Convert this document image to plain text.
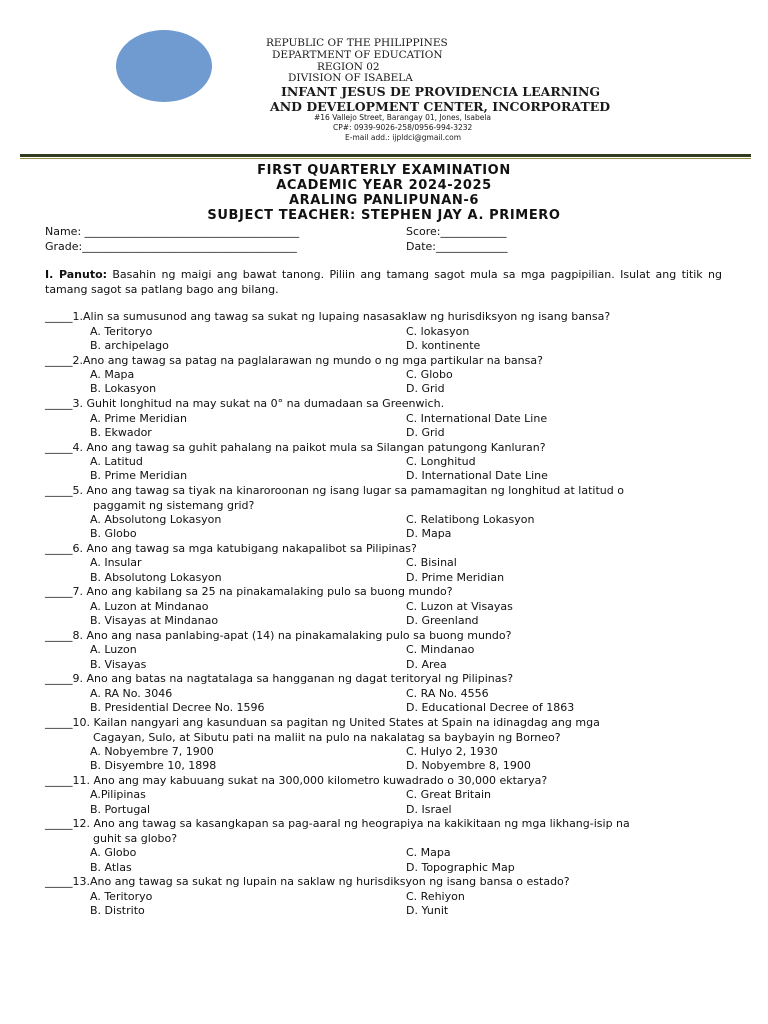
REPUBLIC OF THE PHILIPPINES
DEPARTMENT OF EDUCATION
REGION 02
DIVISION OF ISABELA
INFANT JESUS DE PROVIDENCIA LEARNING
AND DEVELOPMENT CENTER, INCORPORATED
#16 Vallejo Street, Barangay 01, Jones, Isabela
CP#: 0939-9026-258/0956-994-3232
E-mail add.: ijpldci@gmail.com
FIRST QUARTERLY EXAMINATION
ACADEMIC YEAR 2024-2025
ARALING PANLIPUNAN-6
SUBJECT TEACHER: STEPHEN JAY A. PRIMERO
Name: _______________________________________	Score:____________
Grade:_______________________________________	Date:_____________
I. Panuto: Basahin ng maigi ang bawat tanong. Piliin ang tamang sagot mula sa mga pagpipilian. Isulat ang titik ng tamang sagot sa patlang bago ang bilang.
_____1.Alin sa sumusunod ang tawag sa sukat ng lupaing nasasaklaw ng hurisdiksyon ng isang bansa?
A. Teritoryo	C. lokasyon
B. archipelago	D. kontinente
_____2.Ano ang tawag sa patag na paglalarawan ng mundo o ng mga partikular na bansa?
A. Mapa	C. Globo
B. Lokasyon	D. Grid
_____3. Guhit longhitud na may sukat na 0° na dumadaan sa Greenwich.
A. Prime Meridian	C. International Date Line
B. Ekwador	D. Grid
_____4. Ano ang tawag sa guhit pahalang na paikot mula sa Silangan patungong Kanluran?
A. Latitud	C. Longhitud
B. Prime Meridian	D. International Date Line
_____5. Ano ang tawag sa tiyak na kinaroroonan ng isang lugar sa pamamagitan ng longhitud at latitud o
paggamit ng sistemang grid?
A. Absolutong Lokasyon	C. Relatibong Lokasyon
B. Globo	D. Mapa
_____6. Ano ang tawag sa mga katubigang nakapalibot sa Pilipinas?
A. Insular	C. Bisinal
B. Absolutong Lokasyon	D. Prime Meridian
_____7. Ano ang kabilang sa 25 na pinakamalaking pulo sa buong mundo?
A. Luzon at Mindanao	C. Luzon at Visayas
B. Visayas at Mindanao	D. Greenland
_____8. Ano ang nasa panlabing-apat (14) na pinakamalaking pulo sa buong mundo?
A. Luzon	C. Mindanao
B. Visayas	D. Area
_____9. Ano ang batas na nagtatalaga sa hangganan ng dagat teritoryal ng Pilipinas?
A. RA No. 3046	C. RA No. 4556
B. Presidential Decree No. 1596	D. Educational Decree of 1863
_____10. Kailan nangyari ang kasunduan sa pagitan ng United States at Spain na idinagdag ang mga
Cagayan, Sulo, at Sibutu pati na maliit na pulo na nakalatag sa baybayin ng Borneo?
A. Nobyembre 7, 1900	C. Hulyo 2, 1930
B. Disyembre 10, 1898	D. Nobyembre 8, 1900
_____11. Ano ang may kabuuang sukat na 300,000 kilometro kuwadrado o 30,000 ektarya?
A.Pilipinas	C. Great Britain
B. Portugal	D. Israel
_____12. Ano ang tawag sa kasangkapan sa pag-aaral ng heograpiya na kakikitaan ng mga likhang-isip na
guhit sa globo?
A. Globo	C. Mapa
B. Atlas	D. Topographic Map
_____13.Ano ang tawag sa sukat ng lupain na saklaw ng hurisdiksyon ng isang bansa o estado?
A. Teritoryo	C. Rehiyon
B. Distrito	D. Yunit
